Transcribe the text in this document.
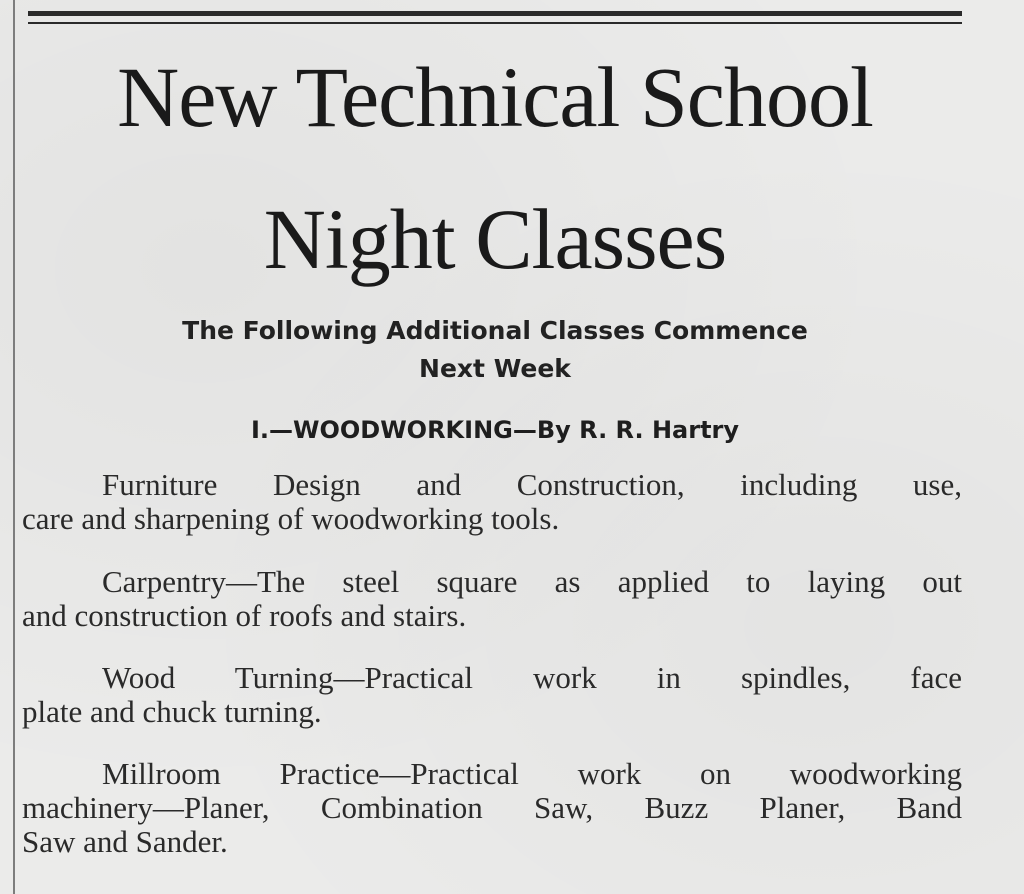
New Technical School
Night Classes
The Following Additional Classes Commence
Next Week
I.—WOODWORKING—By R. R. Hartry
Furniture Design and Construction, including use,
care and sharpening of woodworking tools.
Carpentry—The steel square as applied to laying out
and construction of roofs and stairs.
Wood Turning—Practical work in spindles, face
plate and chuck turning.
Millroom Practice—Practical work on woodworking
machinery—Planer, Combination Saw, Buzz Planer, Band
Saw and Sander.
